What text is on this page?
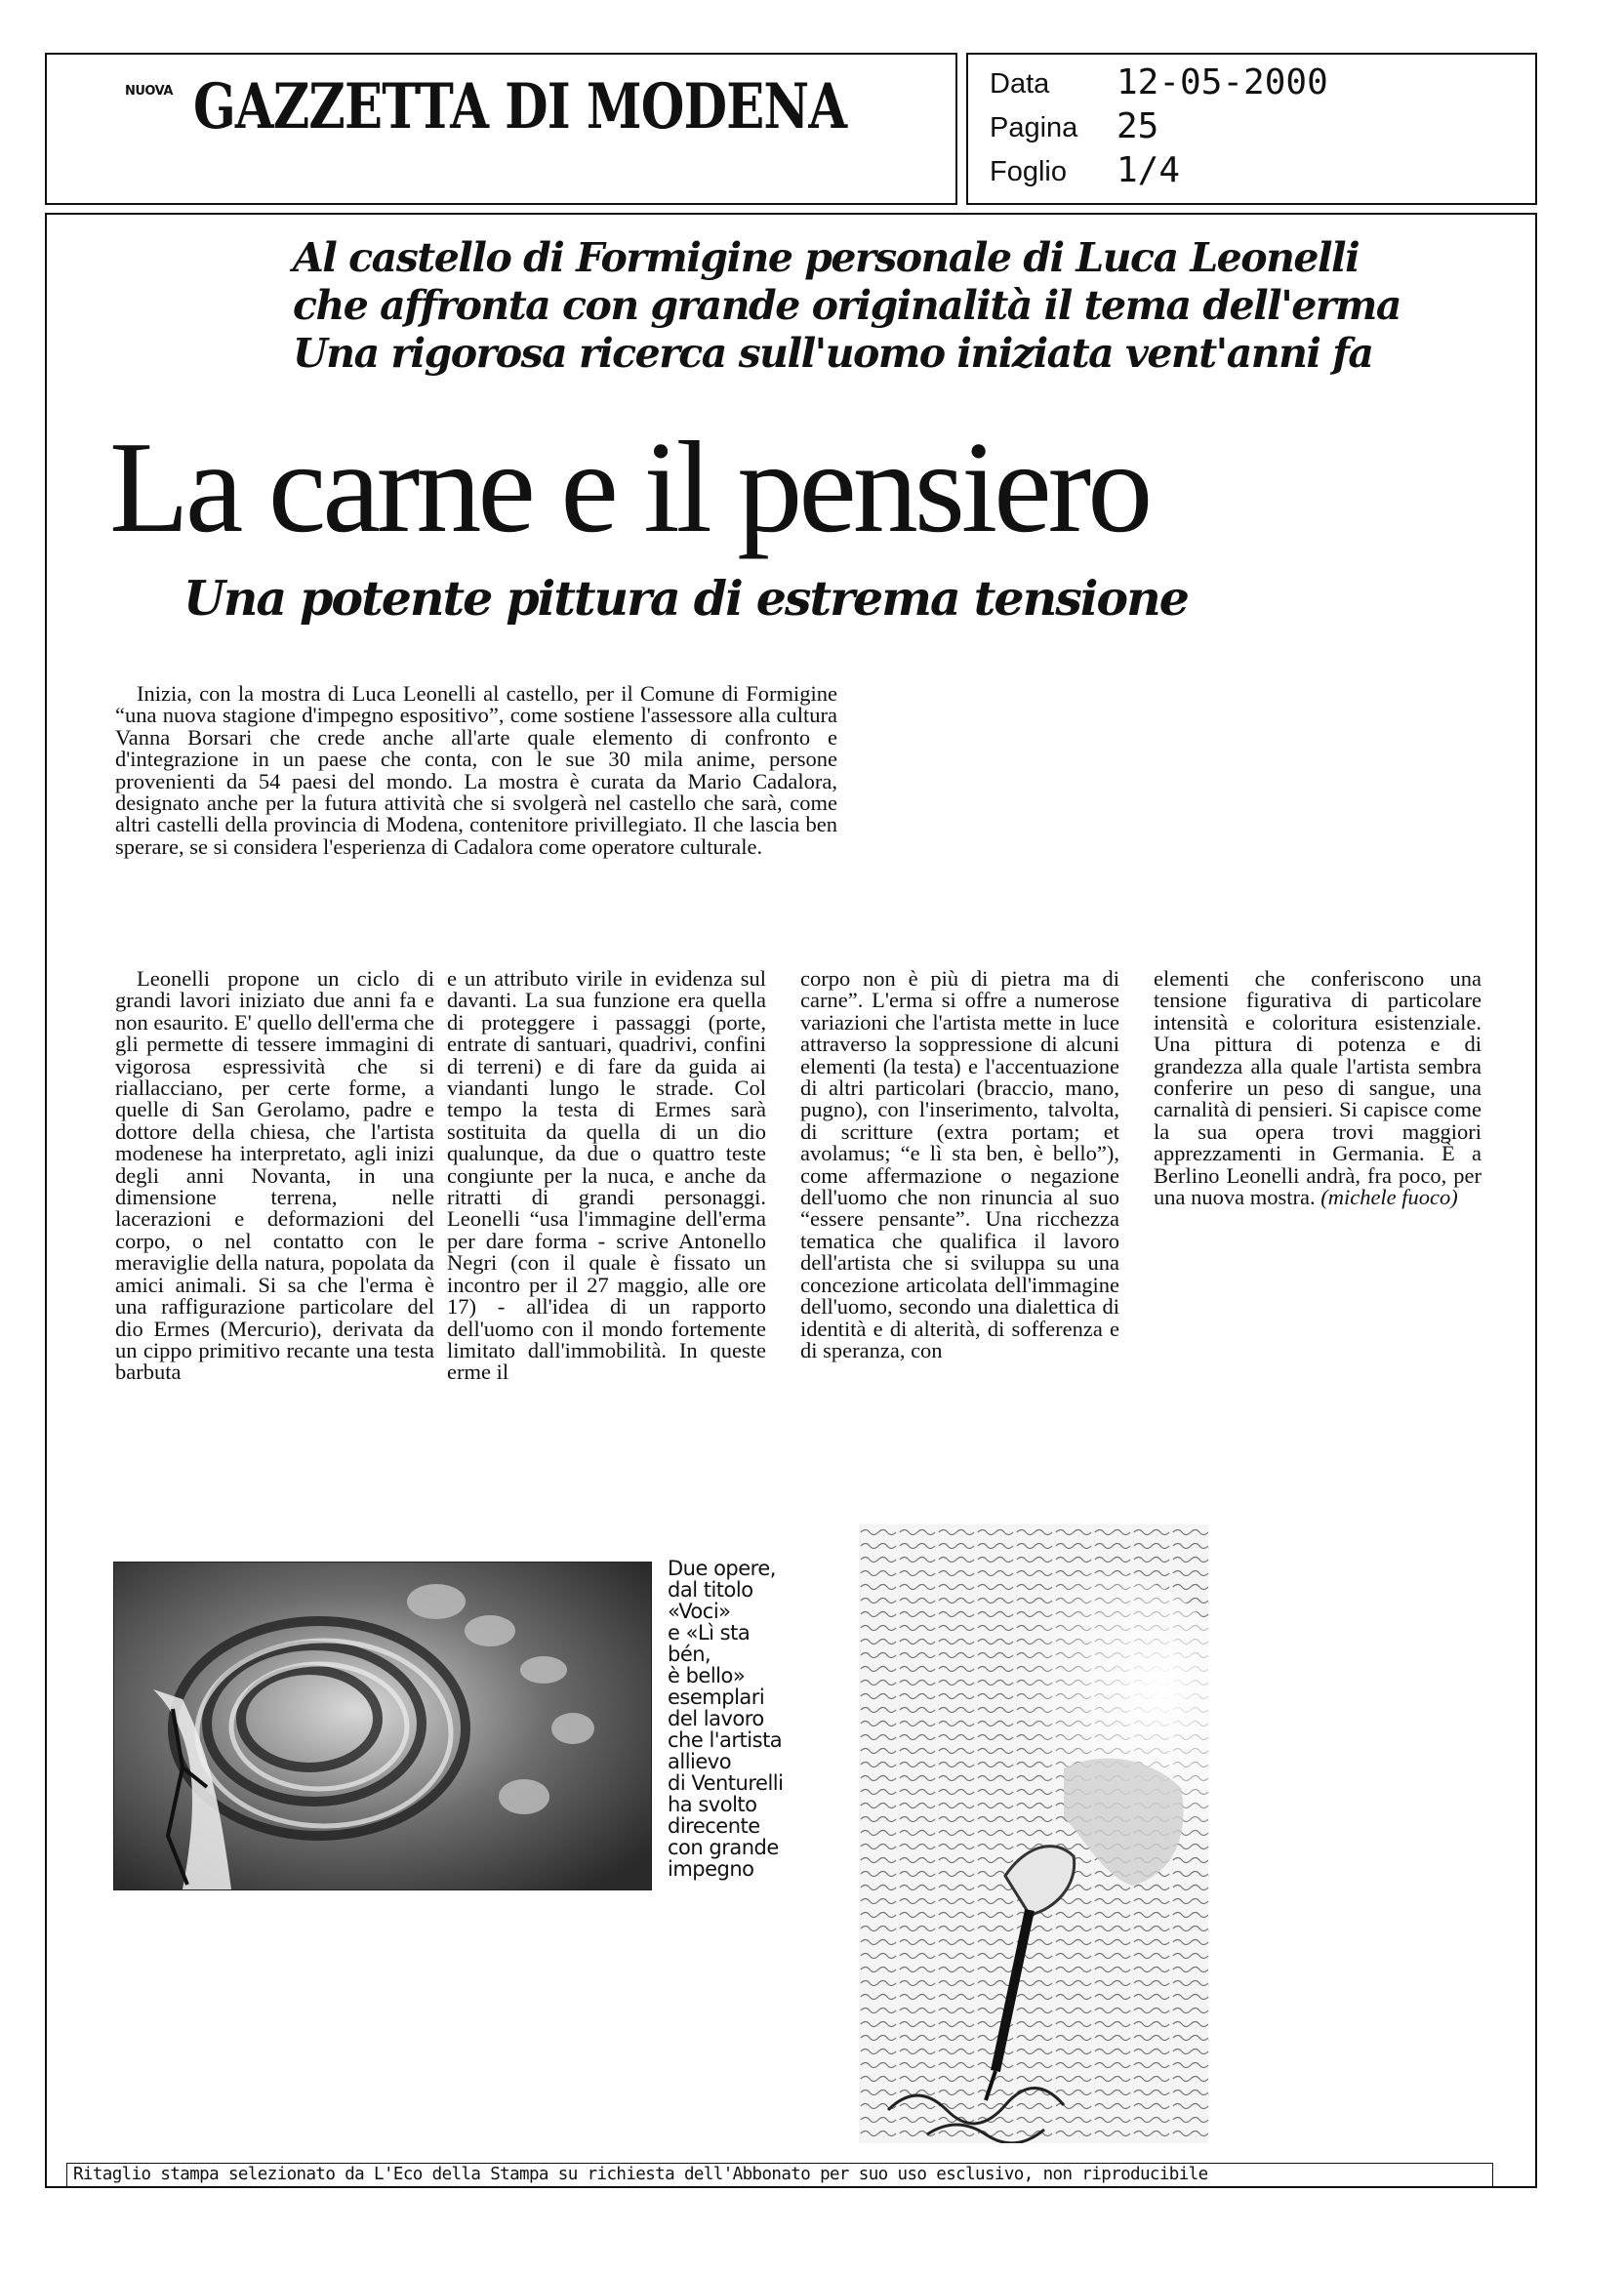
NUOVA GAZZETTA DI MODENA	Data 12-05-2000
Pagina 25
Foglio 1/4
Al castello di Formigine personale di Luca Leonelli
che affronta con grande originalità il tema dell'erma
Una rigorosa ricerca sull'uomo iniziata vent'anni fa
La carne e il pensiero
Una potente pittura di estrema tensione
Inizia, con la mostra di Luca Leonelli al castello, per il Comune di Formigine “una nuova stagione d'impegno espositivo”, come sostiene l'assessore alla cultura Vanna Borsari che crede anche all'arte quale elemento di confronto e d'integrazione in un paese che conta, con le sue 30 mila anime, persone provenienti da 54 paesi del mondo. La mostra è curata da Mario Cadalora, designato anche per la futura attività che si svolgerà nel castello che sarà, come altri castelli della provincia di Modena, contenitore privillegiato. Il che lascia ben sperare, se si considera l'esperienza di Cadalora come operatore culturale.

Leonelli propone un ciclo di grandi lavori iniziato due anni fa e non esaurito. E' quello dell'erma che gli permette di tessere immagini di vigorosa espressività che si riallacciano, per certe forme, a quelle di San Gerolamo, padre e dottore della chiesa, che l'artista modenese ha interpretato, agli inizi degli anni Novanta, in una dimensione terrena, nelle lacerazioni e deformazioni del corpo, o nel contatto con le meraviglie della natura, popolata da amici animali. Si sa che l'erma è una raffigurazione particolare del dio Ermes (Mercurio), derivata da un cippo primitivo recante una testa barbuta

e un attributo virile in evidenza sul davanti. La sua funzione era quella di proteggere i passaggi (porte, entrate di santuari, quadrivi, confini di terreni) e di fare da guida ai viandanti lungo le strade. Col tempo la testa di Ermes sarà sostituita da quella di un dio qualunque, da due o quattro teste congiunte per la nuca, e anche da ritratti di grandi personaggi. Leonelli “usa l'immagine dell'erma per dare forma - scrive Antonello Negri (con il quale è fissato un incontro per il 27 maggio, alle ore 17) - all'idea di un rapporto dell'uomo con il mondo fortemente limitato dall'immobilità. In queste erme il

corpo non è più di pietra ma di carne”. L'erma si offre a numerose variazioni che l'artista mette in luce attraverso la soppressione di alcuni elementi (la testa) e l'accentuazione di altri particolari (braccio, mano, pugno), con l'inserimento, talvolta, di scritture (extra portam; et avolamus; “e lì sta ben, è bello”), come affermazione o negazione dell'uomo che non rinuncia al suo “essere pensante”. Una ricchezza tematica che qualifica il lavoro dell'artista che si sviluppa su una concezione articolata dell'immagine dell'uomo, secondo una dialettica di identità e di alterità, di sofferenza e di speranza, con

elementi che conferiscono una tensione figurativa di particolare intensità e coloritura esistenziale. Una pittura di potenza e di grandezza alla quale l'artista sembra conferire un peso di sangue, una carnalità di pensieri. Si capisce come la sua opera trovi maggiori apprezzamenti in Germania. È a Berlino Leonelli andrà, fra poco, per una nuova mostra. (michele fuoco)

Due opere,
dal titolo
«Voci»
e «Lì sta
bén,
è bello»
esemplari
del lavoro
che l'artista
allievo
di Venturelli
ha svolto
direcente
con grande
impegno
Ritaglio stampa selezionato da L'Eco della Stampa su richiesta dell'Abbonato per suo uso esclusivo, non riproducibile
